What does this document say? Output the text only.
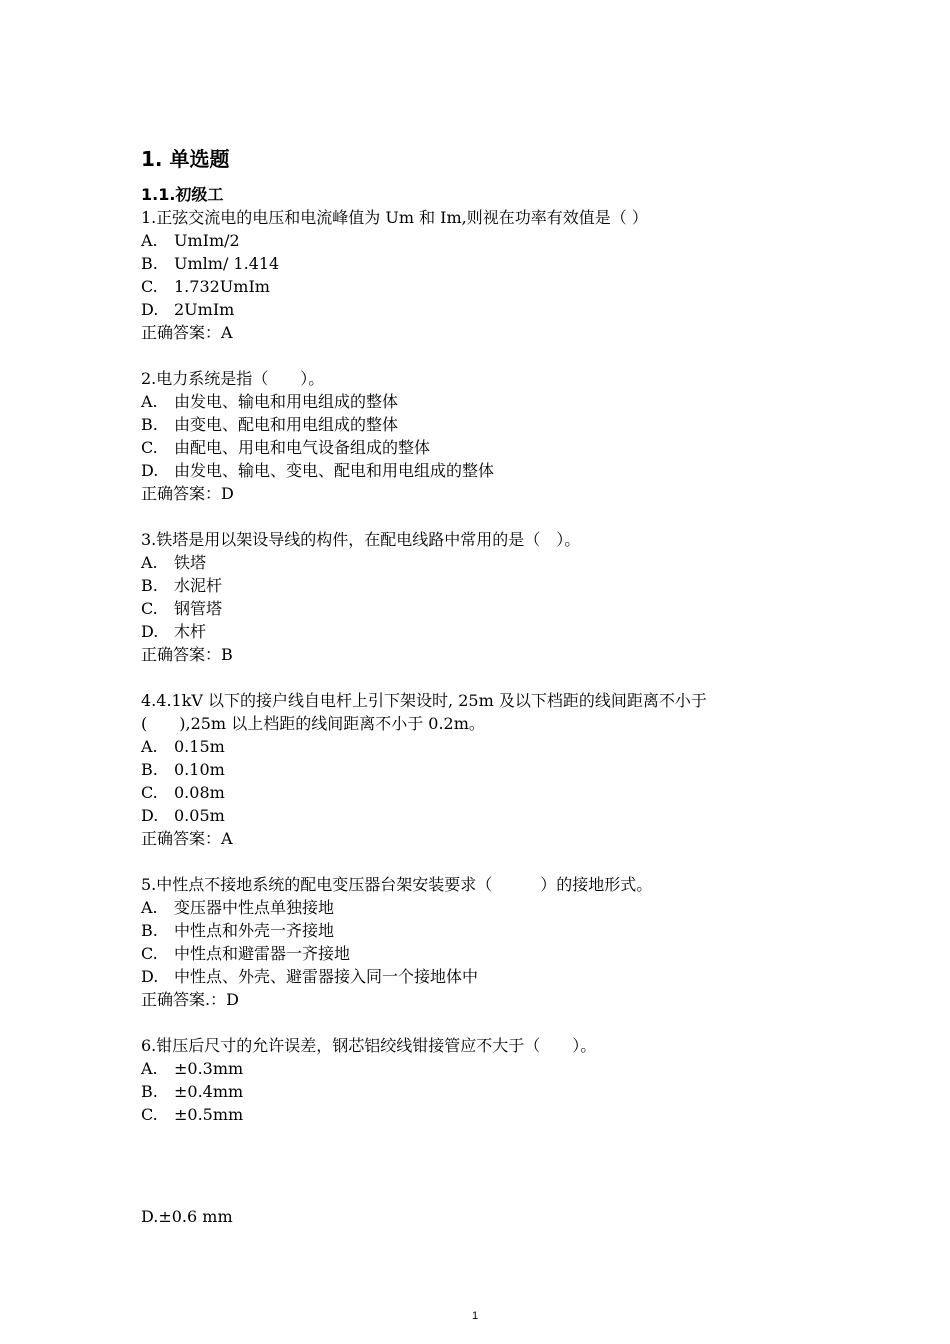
1. 单选题
1.1.初级工
1.正弦交流电的电压和电流峰值为 Um 和 Im,则视在功率有效值是（ ）
A.	UmIm/2
B.	Umlm/ 1.414
C.	1.732UmIm
D. 2UmIm
正确答案：A
2.电力系统是指（　　）。
A.	由发电、输电和用电组成的整体
B.	由变电、配电和用电组成的整体
C.	由配电、用电和电气设备组成的整体
D. 由发电、输电、变电、配电和用电组成的整体
正确答案：D
3.铁塔是用以架设导线的构件，在配电线路中常用的是（　）。
A.	铁塔
B.	水泥杆
C.	钢管塔
D. 木杆
正确答案：B
4.4.1kV 以下的接户线自电杆上引下架设时, 25m 及以下档距的线间距离不小于
(　　),25m 以上档距的线间距离不小于 0.2m。
A.	0.15m
B.	0.10m
C.	0.08m
D. 0.05m
正确答案：A
5.中性点不接地系统的配电变压器台架安装要求（　　　）的接地形式。
A.	变压器中性点单独接地
B.	中性点和外壳一齐接地
C.	中性点和避雷器一齐接地
D. 中性点、外壳、避雷器接入同一个接地体中
正确答案.：D
6.钳压后尺寸的允许误差，钢芯铝绞线钳接管应不大于（　　）。
A.	±0.3mm
B.	±0.4mm
C.	±0.5mm
D.±0.6 mm
1
